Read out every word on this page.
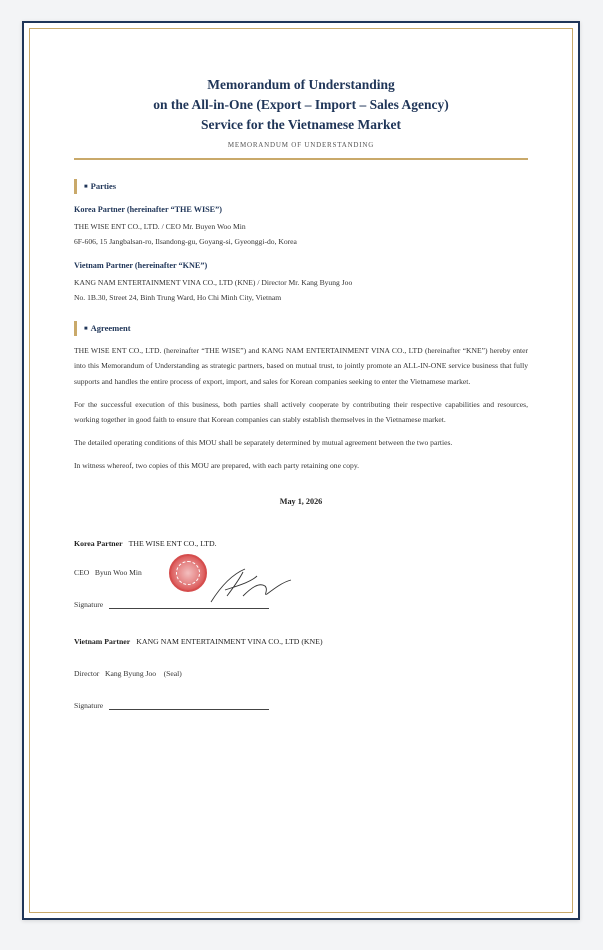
Memorandum of Understanding

on the All-in-One (Export – Import – Sales Agency)

Service for the Vietnamese Market

MEMORANDUM OF UNDERSTANDING
■ Parties
Korea Partner (hereinafter “THE WISE”)
THE WISE ENT CO., LTD. / CEO Mr. Buyen Woo Min
6F-606, 15 Jangbalsan-ro, Ilsandong-gu, Goyang-si, Gyeonggi-do, Korea
Vietnam Partner (hereinafter “KNE”)
KANG NAM ENTERTAINMENT VINA CO., LTD (KNE) / Director Mr. Kang Byung Joo
No. 1B.30, Street 24, Binh Trung Ward, Ho Chi Minh City, Vietnam
■ Agreement

THE WISE ENT CO., LTD. (hereinafter “THE WISE”) and KANG NAM ENTERTAINMENT VINA CO., LTD (hereinafter “KNE”) hereby enter into this Memorandum of Understanding as strategic partners, based on mutual trust, to jointly promote an ALL-IN-ONE service business that fully supports and handles the entire process of export, import, and sales for Korean companies seeking to enter the Vietnamese market.

For the successful execution of this business, both parties shall actively cooperate by contributing their respective capabilities and resources, working together in good faith to ensure that Korean companies can stably establish themselves in the Vietnamese market.

The detailed operating conditions of this MOU shall be separately determined by mutual agreement between the two parties.

In witness whereof, two copies of this MOU are prepared, with each party retaining one copy.

May 1, 2026
Korea Partner THE WISE ENT CO., LTD.
CEO Byun Woo Min
Signature
Vietnam Partner KANG NAM ENTERTAINMENT VINA CO., LTD (KNE)
Director Kang Byung Joo (Seal)
Signature
